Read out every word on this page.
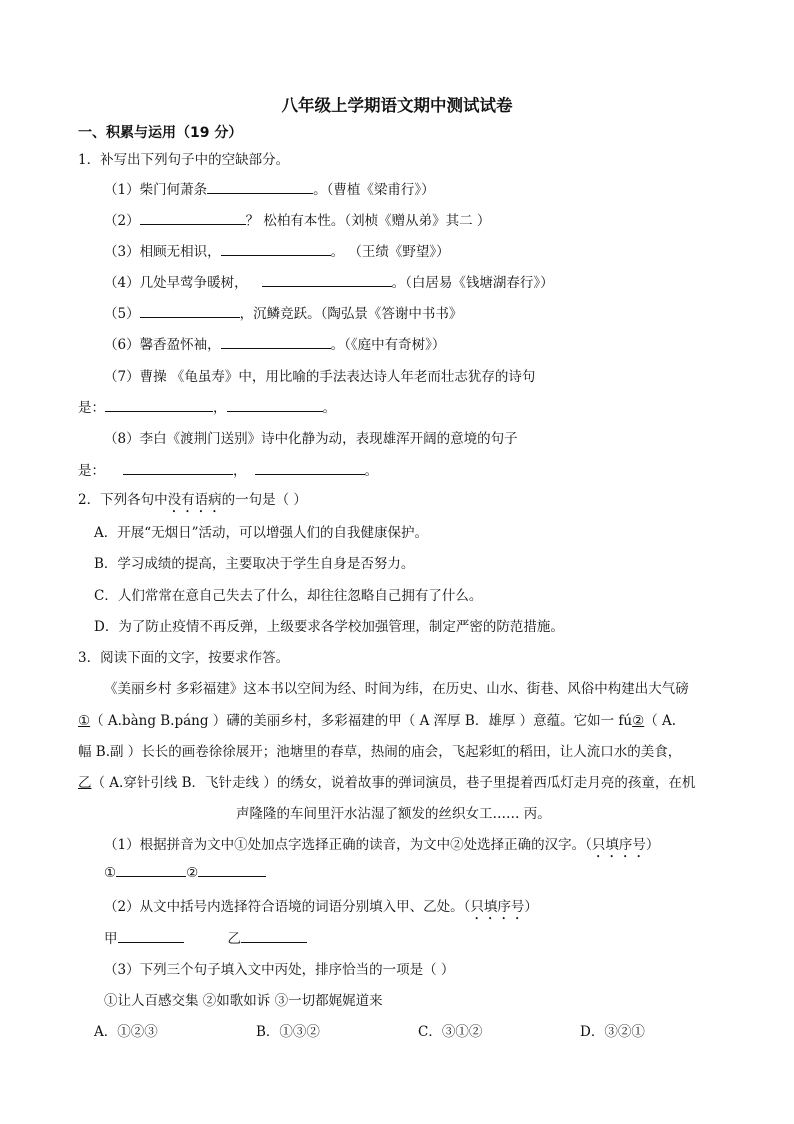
八年级上学期语文期中测试试卷
一、积累与运用（19 分）
1．补写出下列句子中的空缺部分。
（1）柴门何萧条	。（曹植《梁甫行》）
（2）	？ 松柏有本性。（刘桢《赠从弟》其二 ）
（3）相顾无相识，	。 （王绩《野望》）
（4）几处早莺争暖树，	。（白居易《钱塘湖春行》）
（5）	，沉鳞竞跃。（陶弘景《答谢中书书》
（6）馨香盈怀袖，	。（《庭中有奇树》）
（7）曹操 《龟虽寿》中，用比喻的手法表达诗人年老而壮志犹存的诗句
是：	，	。
（8）李白《渡荆门送别》诗中化静为动，表现雄浑开阔的意境的句子
是：	，	。
2．下列各句中没有语病的一句是（ ）
A．开展“无烟日”活动，可以增强人们的自我健康保护。
B．学习成绩的提高，主要取决于学生自身是否努力。
C．人们常常在意自己失去了什么，却往往忽略自己拥有了什么。
D．为了防止疫情不再反弹，上级要求各学校加强管理，制定严密的防范措施。
3．阅读下面的文字，按要求作答。
《美丽乡村 多彩福建》这本书以空间为经、时间为纬，在历史、山水、街巷、风俗中构建出大气磅
①（ A.bàng B.páng ）礴的美丽乡村，多彩福建的甲（ A 浑厚 B．雄厚 ）意蕴。它如一 fú②（ A.
幅 B.副 ）长长的画卷徐徐展开；池塘里的春草，热闹的庙会，飞起彩虹的稻田，让人流口水的美食，
乙（ A.穿针引线 B．飞针走线 ）的绣女，说着故事的弹词演员，巷子里提着西瓜灯走月亮的孩童，在机
声隆隆的车间里汗水沾湿了额发的丝织女工…… 丙。
（1）根据拼音为文中①处加点字选择正确的读音，为文中②处选择正确的汉字。（只填序号）
①	②
（2）从文中括号内选择符合语境的词语分别填入甲、乙处。（只填序号）
甲	乙
（3）下列三个句子填入文中丙处，排序恰当的一项是（ ）
①让人百感交集 ②如歌如诉 ③一切都娓娓道来
A．①②③	B．①③②	C．③①②	D．③②①
